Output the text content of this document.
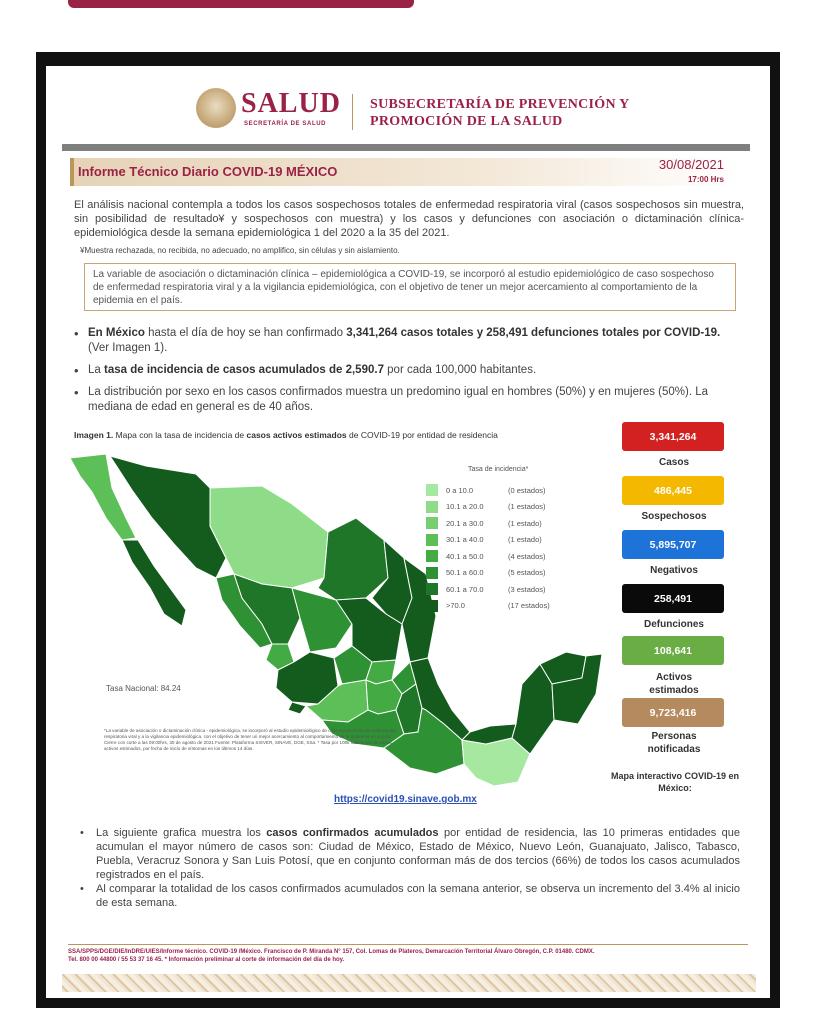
SALUD
SECRETARÍA DE SALUD
SUBSECRETARÍA DE PREVENCIÓN Y
PROMOCIÓN DE LA SALUD
Informe Técnico Diario COVID-19 MÉXICO	30/08/2021
17:00 Hrs

El análisis nacional contempla a todos los casos sospechosos totales de enfermedad respiratoria viral (casos sospechosos sin muestra, sin posibilidad de resultado¥ y sospechosos con muestra) y los casos y defunciones con asociación o dictaminación clínica-epidemiológica desde la semana epidemiológica 1 del 2020 a la 35 del 2021.

¥Muestra rechazada, no recibida, no adecuado, no amplifico, sin células y sin aislamiento.
La variable de asociación o dictaminación clínica – epidemiológica a COVID-19, se incorporó al estudio epidemiológico de caso sospechoso de enfermedad respiratoria viral y a la vigilancia epidemiológica, con el objetivo de tener un mejor acercamiento al comportamiento de la epidemia en el país.
• En México hasta el día de hoy se han confirmado 3,341,264 casos totales y 258,491 defunciones totales por COVID-19. (Ver Imagen 1).
• La tasa de incidencia de casos acumulados de 2,590.7 por cada 100,000 habitantes.
• La distribución por sexo en los casos confirmados muestra un predomino igual en hombres (50%) y en mujeres (50%). La mediana de edad en general es de 40 años.
Imagen 1. Mapa con la tasa de incidencia de casos activos estimados de COVID-19 por entidad de residencia
Tasa de incidencia*
0 a 10.0	(0 estados)
10.1 a 20.0	(1 estados)
20.1 a 30.0	(1 estado)
30.1 a 40.0	(1 estado)
40.1 a 50.0	(4 estados)
50.1 a 60.0	(5 estados)
60.1 a 70.0	(3 estados)
>70.0	(17 estados)
Tasa Nacional: 84.24
*La variable de asociación o dictaminación clínica - epidemiológica, se incorporó al estudio epidemiológico de caso sospechoso de enfermedad respiratoria viral y a la vigilancia epidemiológica, con el objetivo de tener un mejor acercamiento al comportamiento de la epidemia en el país. Cierre con corte a las 09:00hrs, 30 de agosto de 2021 Fuente: Plataforma SISVER, SINAVE, DGE, SSa. * Tasa por 100k habitantes de casos activos estimados, por fecha de inicio de síntomas en los últimos 14 días.
https://covid19.sinave.gob.mx
3,341,264
Casos
486,445
Sospechosos
5,895,707
Negativos
258,491
Defunciones
108,641
Activos estimados
9,723,416
Personas notificadas
Mapa interactivo COVID-19 en México:
• La siguiente grafica muestra los casos confirmados acumulados por entidad de residencia, las 10 primeras entidades que acumulan el mayor número de casos son: Ciudad de México, Estado de México, Nuevo León, Guanajuato, Jalisco, Tabasco, Puebla, Veracruz Sonora y San Luis Potosí, que en conjunto conforman más de dos tercios (66%) de todos los casos acumulados registrados en el país.
• Al comparar la totalidad de los casos confirmados acumulados con la semana anterior, se observa un incremento del 3.4% al inicio de esta semana.
SSA/SPPS/DGE/DIE/InDRE/UIES/Informe técnico. COVID-19 /México. Francisco de P. Miranda N° 157, Col. Lomas de Plateros, Demarcación Territorial Álvaro Obregón, C.P. 01480. CDMX.
Tel. 800 00 44800 / 55 53 37 16 45. * Información preliminar al corte de información del día de hoy.
